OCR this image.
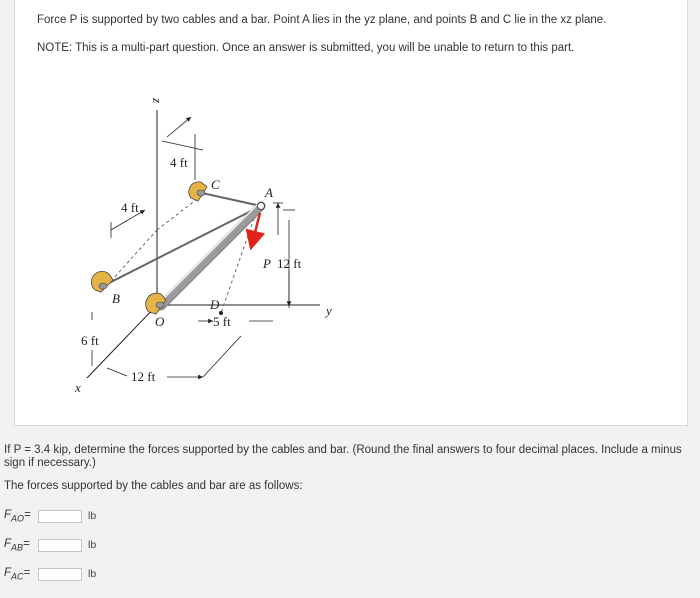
Force P is supported by two cables and a bar. Point A lies in the yz plane, and points B and C lie in the xz plane.
NOTE: This is a multi-part question. Once an answer is submitted, you will be unable to return to this part.
4 ft
4 ft
12 ft
5 ft
6 ft
12 ft
z
x
y
A
B
C
D
O
P
If P = 3.4 kip, determine the forces supported by the cables and bar. (Round the final answers to four decimal places. Include a minus sign if necessary.)
The forces supported by the cables and bar are as follows:
$F_{AO}=$	lb
$F_{AB}=$	lb
$F_{AC}=$	lb
